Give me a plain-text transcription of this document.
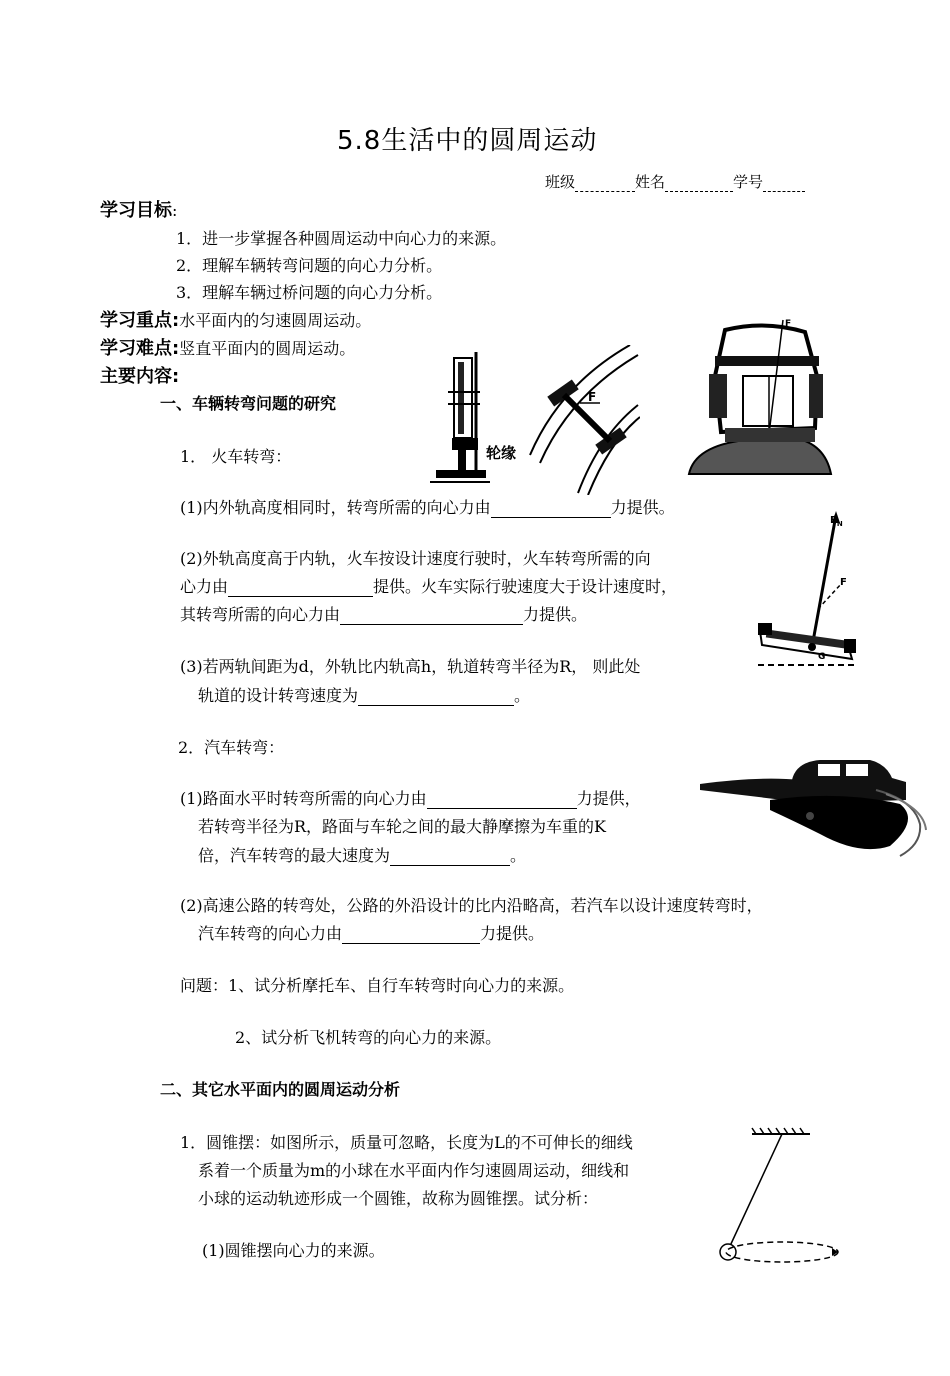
5.8生活中的圆周运动
班级	姓名	学号
学习目标:
1．进一步掌握各种圆周运动中向心力的来源。
2．理解车辆转弯问题的向心力分析。
3．理解车辆过桥问题的向心力分析。
学习重点:水平面内的匀速圆周运动。
学习难点:竖直平面内的圆周运动。
主要内容:
一、车辆转弯问题的研究
1． 火车转弯：
(1)内外轨高度相同时，转弯所需的向心力由	力提供。
(2)外轨高度高于内轨，火车按设计速度行驶时，火车转弯所需的向
心力由	提供。火车实际行驶速度大于设计速度时，
其转弯所需的向心力由	力提供。
(3)若两轨间距为d，外轨比内轨高h，轨道转弯半径为R， 则此处
轨道的设计转弯速度为	。
2．汽车转弯：
(1)路面水平时转弯所需的向心力由	力提供，
若转弯半径为R，路面与车轮之间的最大静摩擦为车重的K
倍，汽车转弯的最大速度为	。
(2)高速公路的转弯处，公路的外沿设计的比内沿略高，若汽车以设计速度转弯时，
汽车转弯的向心力由	力提供。
问题：1、试分析摩托车、自行车转弯时向心力的来源。
2、试分析飞机转弯的向心力的来源。
二、其它水平面内的圆周运动分析
1．圆锥摆：如图所示，质量可忽略，长度为L的不可伸长的细线
系着一个质量为m的小球在水平面内作匀速圆周运动，细线和
小球的运动轨迹形成一个圆锥，故称为圆锥摆。试分析：
(1)圆锥摆向心力的来源。
轮缘
F
F
$F_N$
F
G
